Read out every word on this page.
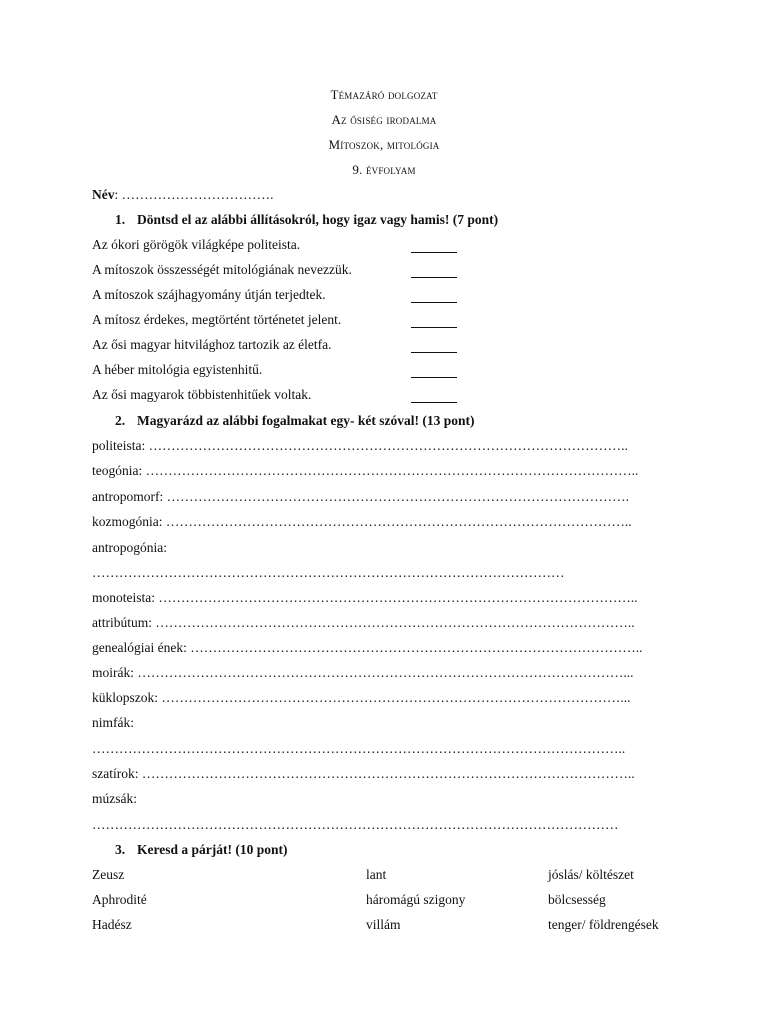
Témazáró dolgozat
Az ősiség irodalma
Mítoszok, mitológia
9. évfolyam
Név: …………………………….
1. Döntsd el az alábbi állításokról, hogy igaz vagy hamis! (7 pont)
Az ókori görögök világképe politeista.
A mítoszok összességét mitológiának nevezzük.
A mítoszok szájhagyomány útján terjedtek.
A mítosz érdekes, megtörtént történetet jelent.
Az ősi magyar hitvilághoz tartozik az életfa.
A héber mitológia egyistenhitű.
Az ősi magyarok többistenhitűek voltak.
2. Magyarázd az alábbi fogalmakat egy- két szóval! (13 pont)
politeista: ……………………………………………………………………………………………..
teogónia: ………………………………………………………………………………………………..
antropomorf: ………………………………………………………………………………………….
kozmogónia: …………………………………………………………………………………………..
antropogónia:
……………………………………………………………………………………………
monoteista: ……………………………………………………………………………………………..
attribútum: ……………………………………………………………………………………………..
genealógiai ének: ………………………………………………………………………………………..
moirák: ………………………………………………………………………………………………...
küklopszok: …………………………………………………………………………………………...
nimfák:
………………………………………………………………………………………………………..
szatírok: ………………………………………………………………………………………………..
múzsák:
………………………………………………………………………………………………………
3. Keresd a párját! (10 pont)
Zeusz	lant	jóslás/ költészet
Aphrodité	háromágú szigony	bölcsesség
Hadész	villám	tenger/ földrengések
